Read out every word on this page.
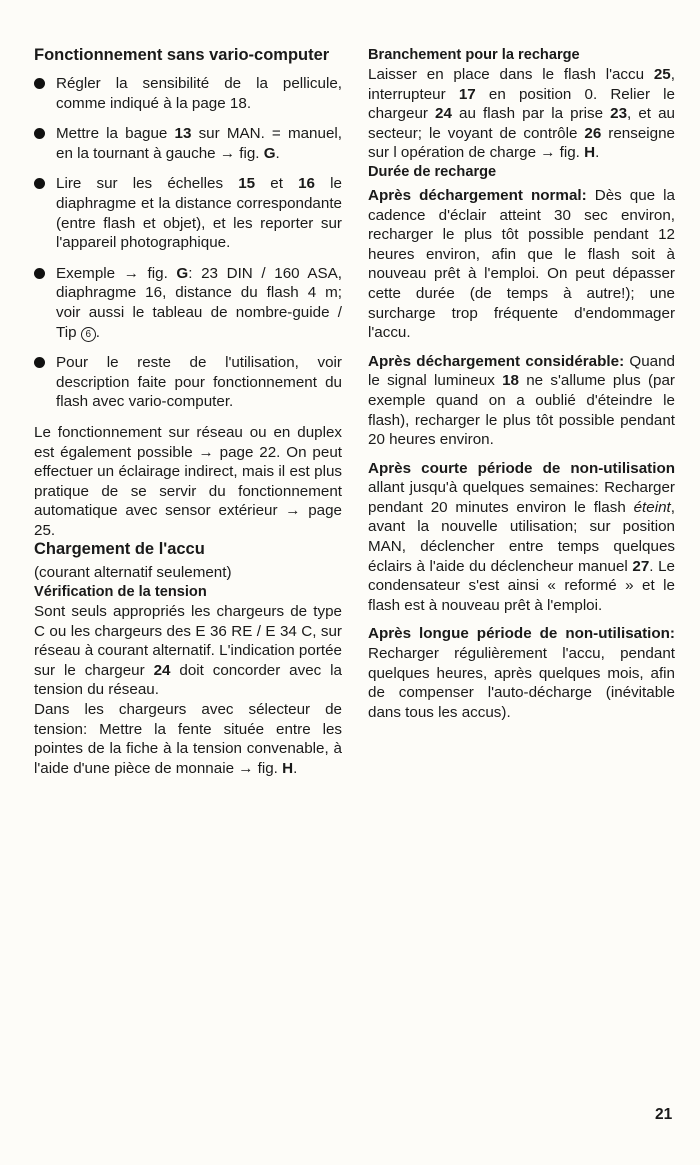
Fonctionnement sans vario-computer
Régler la sensibilité de la pellicule, comme indiqué à la page 18.
Mettre la bague 13 sur MAN. = manuel, en la tournant à gauche → fig. G.
Lire sur les échelles 15 et 16 le diaphragme et la distance correspondante (entre flash et objet), et les reporter sur l'appareil photographique.
Exemple → fig. G: 23 DIN / 160 ASA, diaphragme 16, distance du flash 4 m; voir aussi le tableau de nombre-guide / Tip 6 .
Pour le reste de l'utilisation, voir description faite pour fonctionnement du flash avec vario-computer.

Le fonctionnement sur réseau ou en duplex est également possible → page 22. On peut effectuer un éclairage indirect, mais il est plus pratique de se servir du fonctionnement automatique avec sensor extérieur → page 25.

Chargement de l'accu

(courant alternatif seulement)

Vérification de la tension

Sont seuls appropriés les chargeurs de type C ou les chargeurs des E 36 RE / E 34 C, sur réseau à courant alternatif. L'indication portée sur le chargeur 24 doit concorder avec la tension du réseau.

Dans les chargeurs avec sélecteur de tension: Mettre la fente située entre les pointes de la fiche à la tension convenable, à l'aide d'une pièce de monnaie → fig. H.

Branchement pour la recharge

Laisser en place dans le flash l'accu 25, interrupteur 17 en position 0. Relier le chargeur 24 au flash par la prise 23, et au secteur; le voyant de contrôle 26 renseigne sur l opération de charge → fig. H.

Durée de recharge

Après déchargement normal: Dès que la cadence d'éclair atteint 30 sec environ, recharger le plus tôt possible pendant 12 heures environ, afin que le flash soit à nouveau prêt à l'emploi. On peut dépasser cette durée (de temps à autre!); une surcharge trop fréquente d'endommager l'accu.

Après déchargement considérable: Quand le signal lumineux 18 ne s'allume plus (par exemple quand on a oublié d'éteindre le flash), recharger le plus tôt possible pendant 20 heures environ.

Après courte période de non-utilisation allant jusqu'à quelques semaines: Recharger pendant 20 minutes environ le flash éteint, avant la nouvelle utilisation; sur position MAN, déclencher entre temps quelques éclairs à l'aide du déclencheur manuel 27. Le condensateur s'est ainsi « reformé » et le flash est à nouveau prêt à l'emploi.

Après longue période de non-utilisation: Recharger régulièrement l'accu, pendant quelques heures, après quelques mois, afin de compenser l'auto-décharge (inévitable dans tous les accus).

21
